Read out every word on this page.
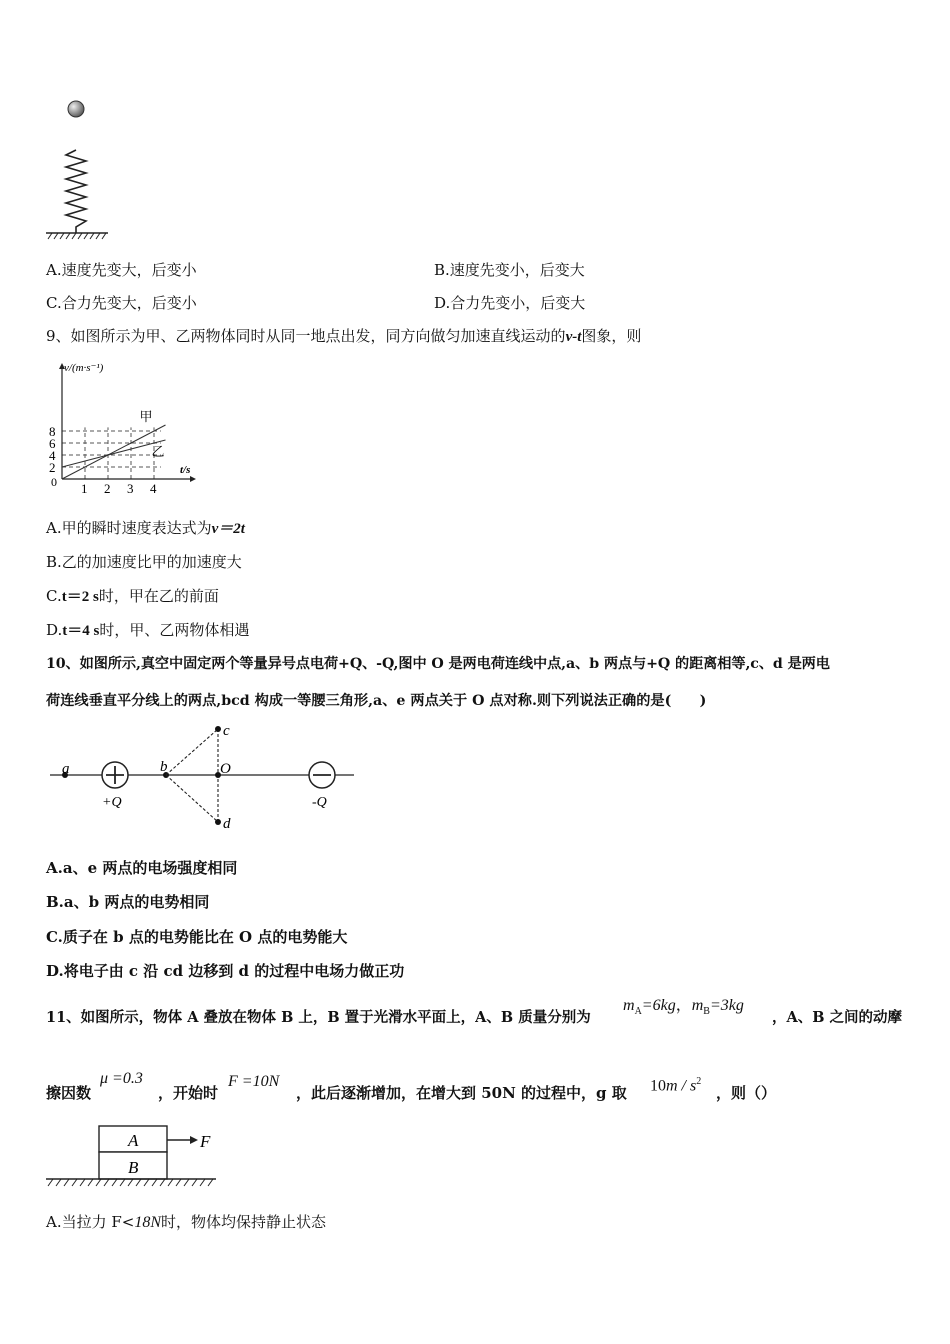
A.速度先变大，后变小	B.速度先变小，后变大
C.合力先变大，后变小	D.合力先变小，后变大
9、如图所示为甲、乙两物体同时从同一地点出发，同方向做匀加速直线运动的v-t图象，则
甲
乙
1 2 3 4
2
4
6
8
v/(m·s⁻¹)
t/s
0
A.甲的瞬时速度表达式为v＝2t
B.乙的加速度比甲的加速度大
C.t＝2 s时，甲在乙的前面
D.t＝4 s时，甲、乙两物体相遇
10、如图所示,真空中固定两个等量异号点电荷+Q、-Q,图中 O 是两电荷连线中点,a、b 两点与+Q 的距离相等,c、d 是两电
荷连线垂直平分线上的两点,bcd 构成一等腰三角形,a、e 两点关于 O 点对称.则下列说法正确的是(　　)
a
+Q
b
c
O
d
-Q
A.a、e 两点的电场强度相同
B.a、b 两点的电势相同
C.质子在 b 点的电势能比在 O 点的电势能大
D.将电子由 c 沿 cd 边移到 d 的过程中电场力做正功
11、如图所示，物体 A 叠放在物体 B 上，B 置于光滑水平面上，A、B 质量分别为
$m_A=6kg$，$m_B=3kg$
，A、B 之间的动摩
擦因数
μ =0.3
，开始时
F =10N
，此后逐渐增加，在增大到 50N 的过程中，g 取 $10m / s^2$
，则（）
A
B
F
A.当拉力 F<18N时，物体均保持静止状态
